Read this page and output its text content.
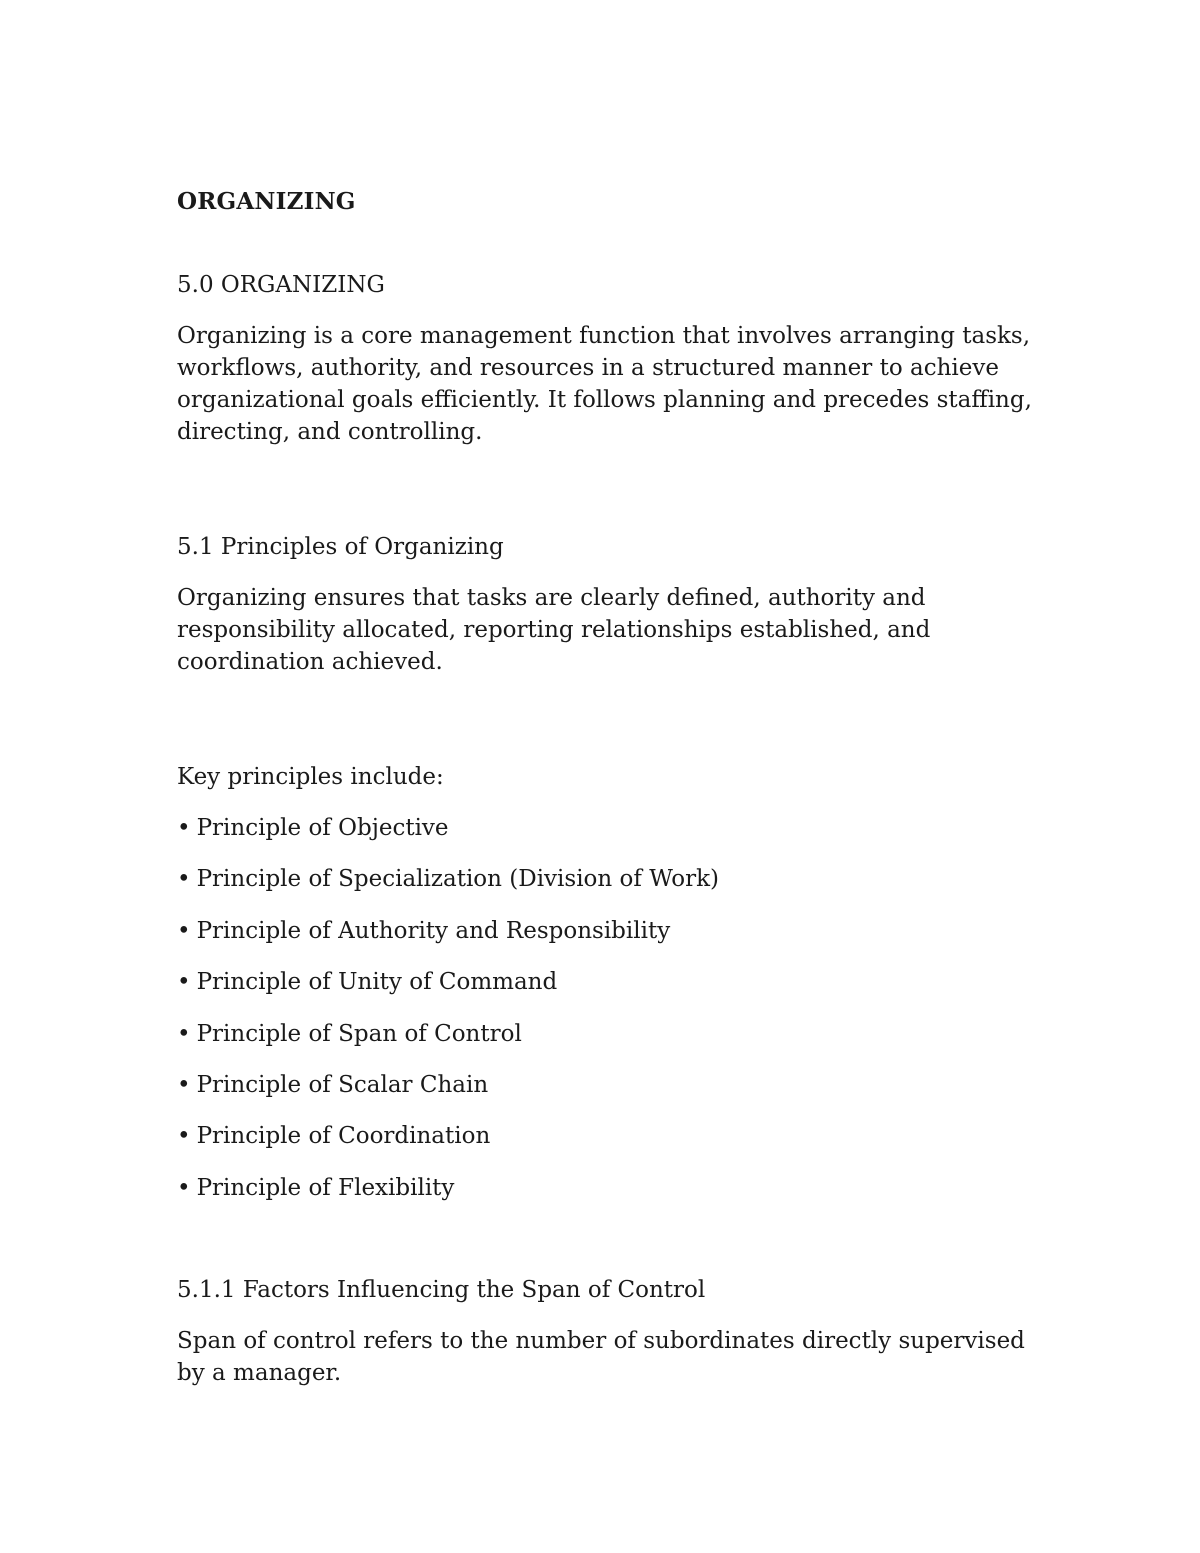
ORGANIZING
5.0 ORGANIZING

Organizing is a core management function that involves arranging tasks, workflows, authority, and resources in a structured manner to achieve organizational goals efficiently. It follows planning and precedes staffing, directing, and controlling.

5.1 Principles of Organizing

Organizing ensures that tasks are clearly defined, authority and responsibility allocated, reporting relationships established, and coordination achieved.

Key principles include:

• Principle of Objective
• Principle of Specialization (Division of Work)
• Principle of Authority and Responsibility
• Principle of Unity of Command
• Principle of Span of Control
• Principle of Scalar Chain
• Principle of Coordination
• Principle of Flexibility
5.1.1 Factors Influencing the Span of Control

Span of control refers to the number of subordinates directly supervised by a manager.
